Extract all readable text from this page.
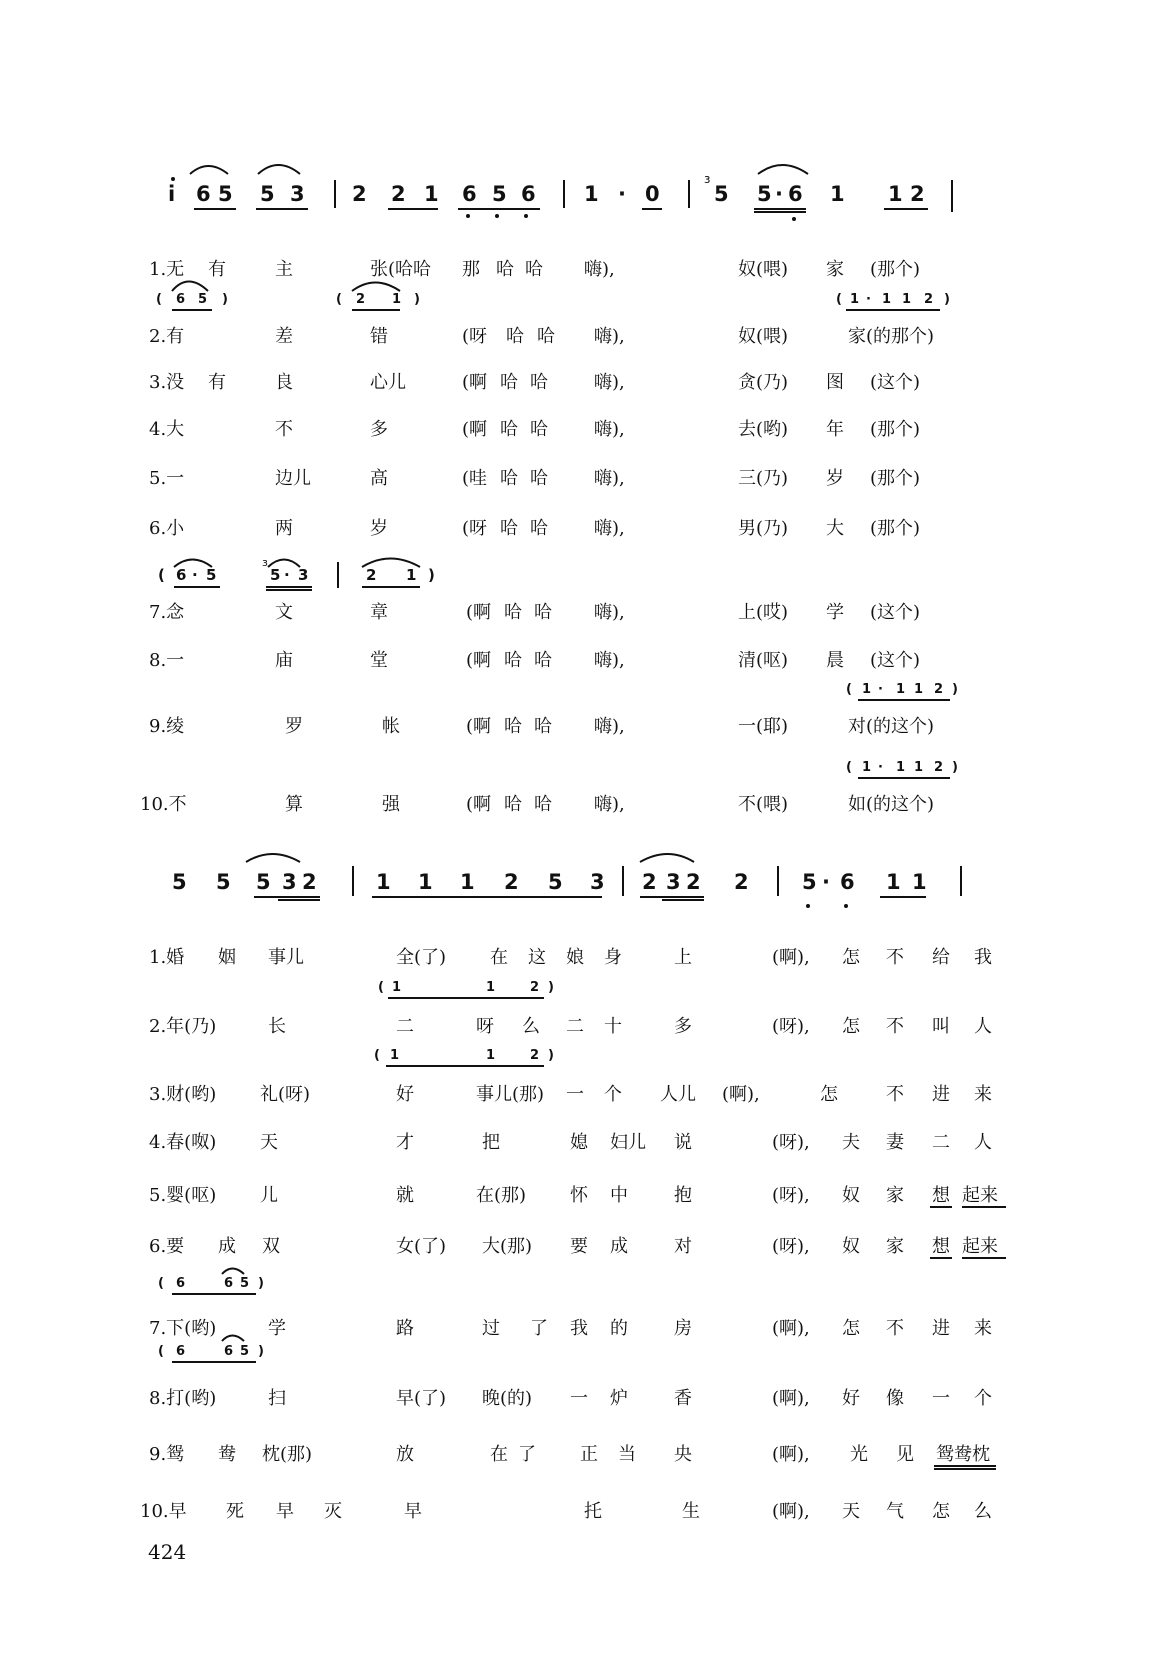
i 6 5 5 3 2 2 1 6 5 6 1 · 0	5 5 · 6 1 1 2
ɜ
1.无 有	主	张(哈哈 那 哈 哈 嗨),	奴(喂) 家 (那个)
( 6 5 )	( 2 1 )	( 1 · 1 1 2 )
2.有	差	错	(呀 哈 哈 嗨),	奴(喂)	家(的那个)
3.没 有	良	心儿	(啊 哈 哈	嗨),	贪(乃) 图 (这个)
4.大	不	多	(啊 哈 哈	嗨),	去(哟) 年 (那个)
5.一	边儿	高	(哇 哈 哈	嗨),	三(乃) 岁 (那个)
6.小	两	岁	(呀 哈 哈	嗨),	男(乃) 大 (那个)
( 6 · 5
ɜ
5 · 3	2 1 )
7.念	文	章	(啊 哈 哈 嗨),	上(哎) 学 (这个)
8.一	庙	堂	(啊 哈 哈 嗨),	清(呕) 晨 (这个)
( 1 · 1 1 2 )
9.绫	罗	帐	(啊 哈 哈 嗨),	一(耶)	对(的这个)
( 1 · 1 1 2 )
10.不	算	强	(啊 哈 哈 嗨),	不(喂)	如(的这个)
5 5 5 3 2	1 1 1 2 5 3 2 3 2 2	5 · 6 1 1
1.婚 姻 事儿	全(了) 在 这 娘 身	上	(啊), 怎 不 给 我
( 1	1	2 )
2.年(乃)	长	二	呀 么 二 十	多	(呀), 怎 不 叫 人
( 1	1	2 )
3.财(哟) 礼(呀)	好	事儿(那) 一 个 人儿 (啊),	怎	不 进 来
4.春(呶) 天	才	把	媳 妇儿 说	(呀), 夫 妻 二 人
5.婴(呕) 儿	就	在(那) 怀 中	抱	(呀), 奴 家 想 起来
6.要 成 双	女(了) 大(那) 要 成	对	(呀), 奴 家 想 起来
( 6	6 5 )
7.下(哟)	学	路	过 了 我 的	房	(啊), 怎 不 进 来
( 6	6 5 )
8.打(哟)	扫	早(了) 晚(的) 一 炉	香	(啊), 好 像 一 个
9.鸳 鸯 枕(那)	放	在 了 正 当 央	(啊), 光 见 鸳鸯枕
10.早 死 早 灭	早	托	生	(啊), 天 气 怎 么
424
